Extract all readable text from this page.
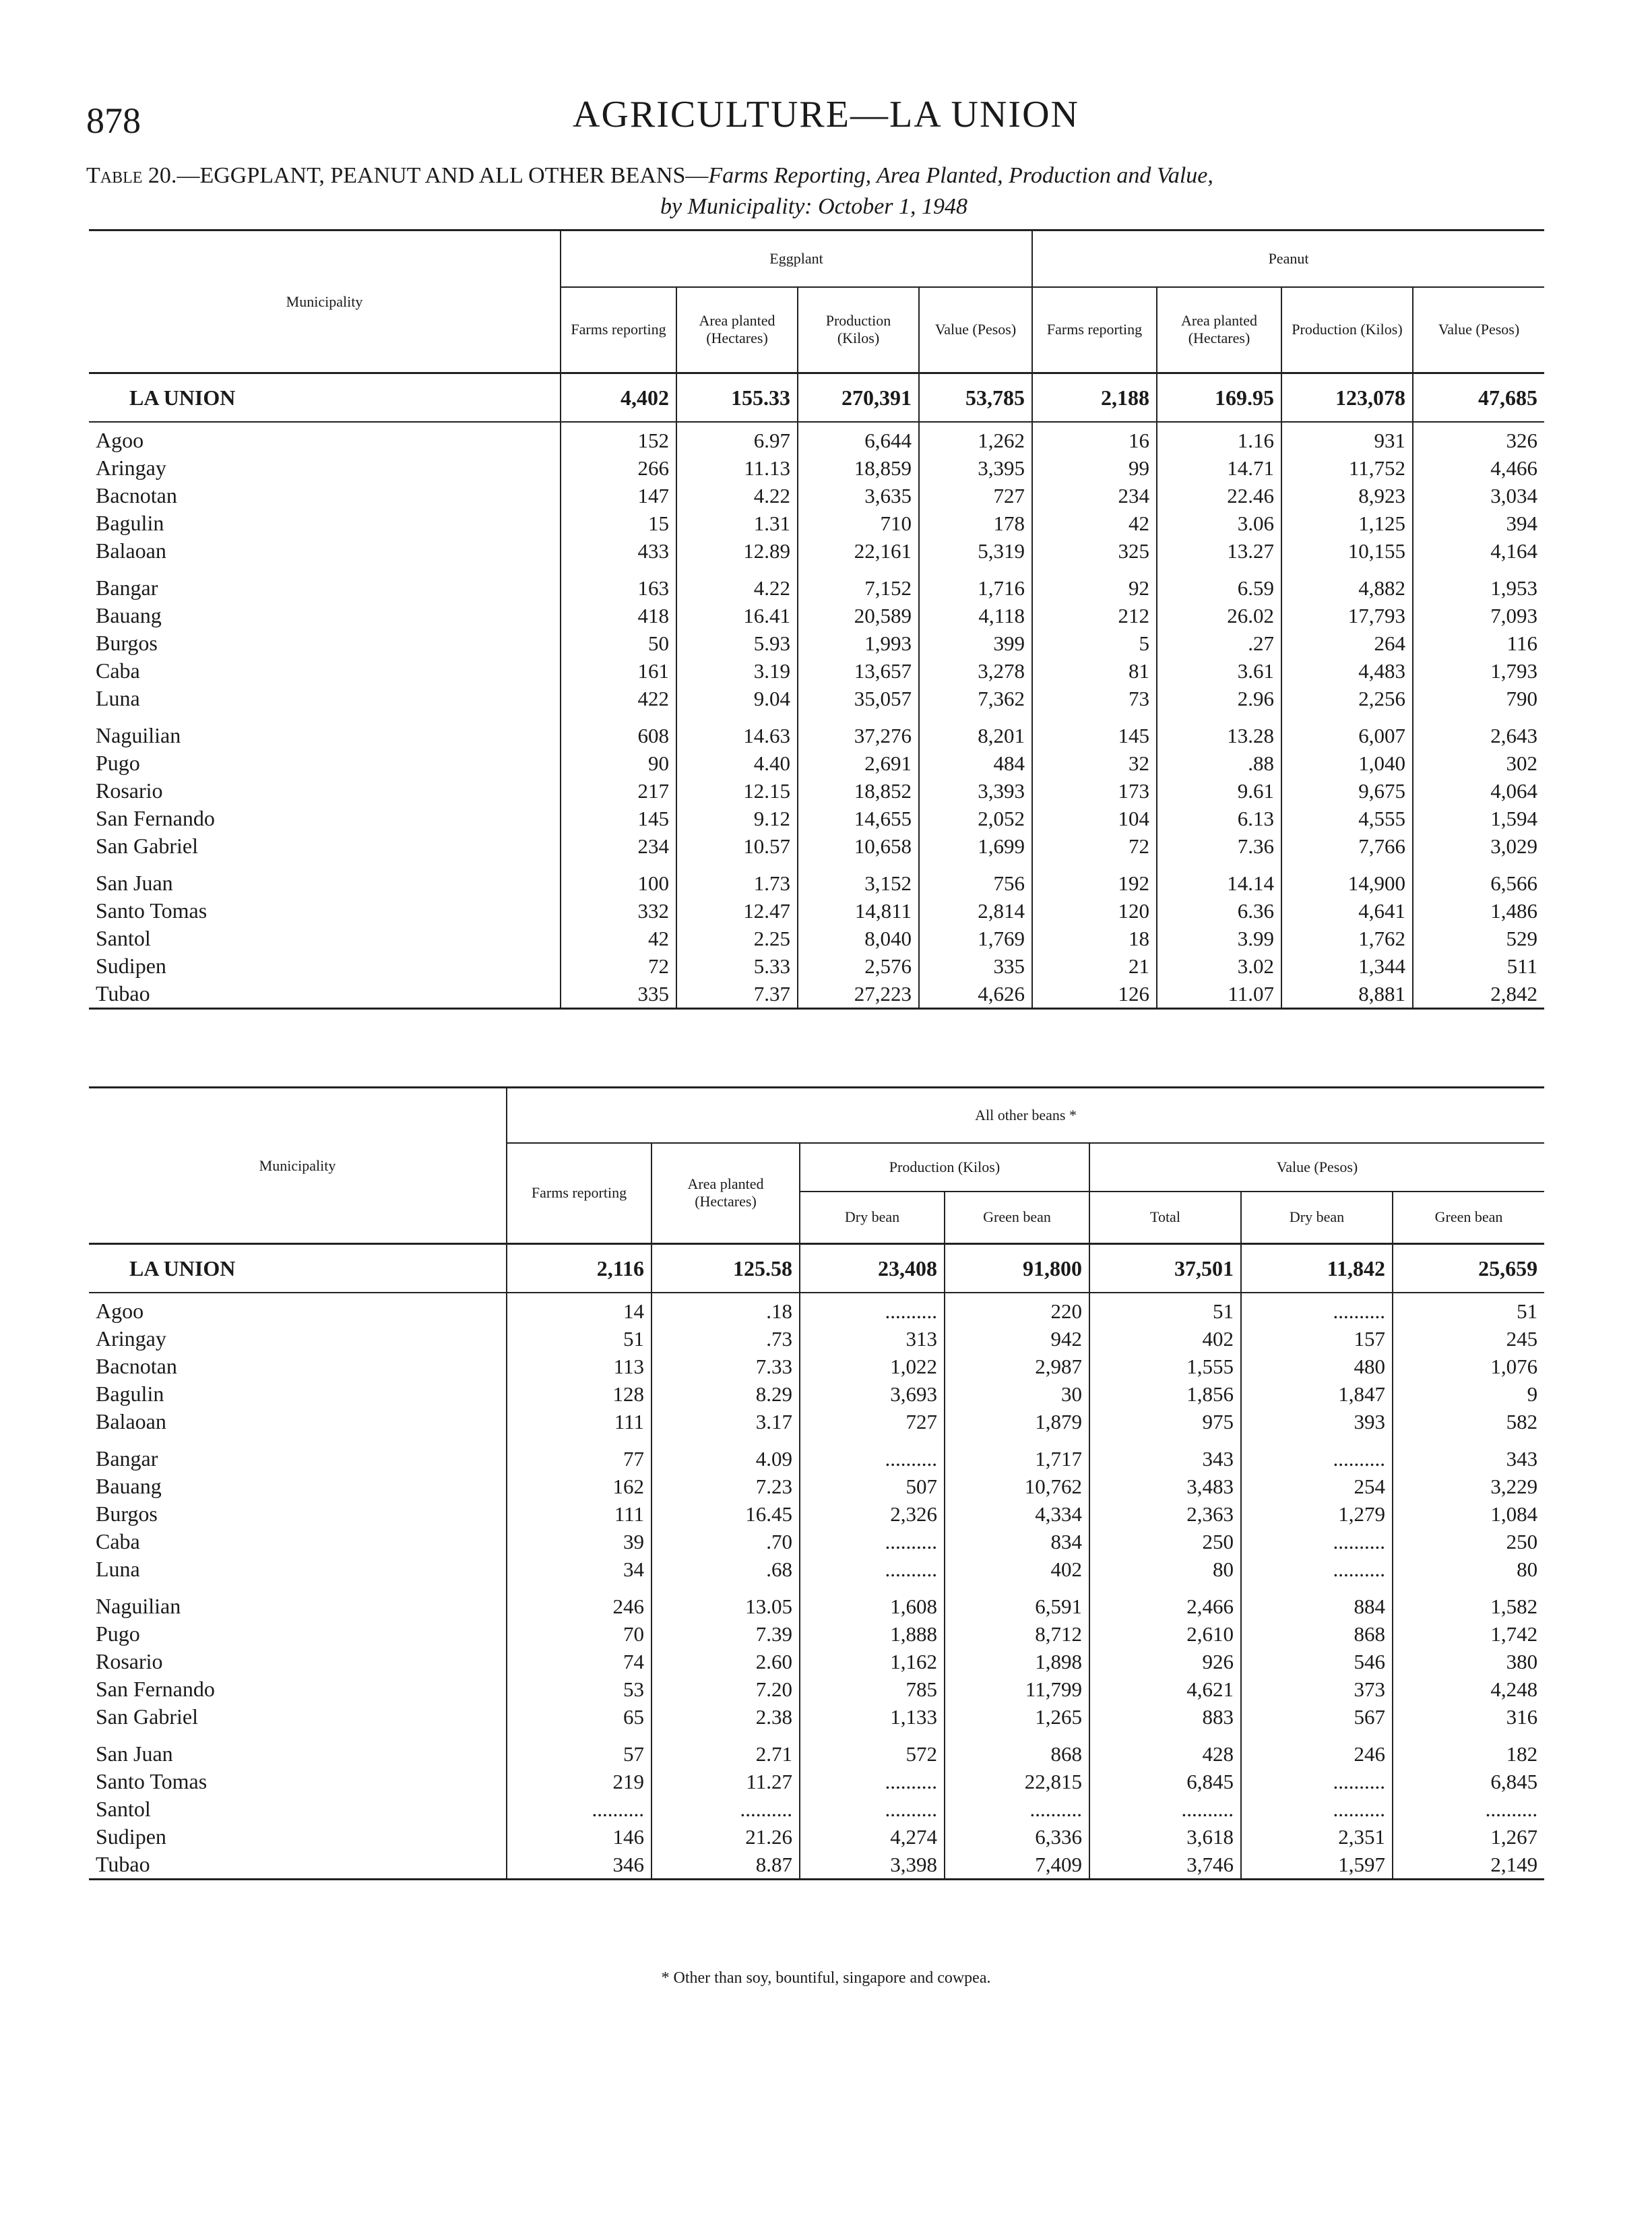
878	AGRICULTURE—LA UNION
Table 20.—EGGPLANT, PEANUT AND ALL OTHER BEANS—Farms Reporting, Area Planted, Production and Value,
by Municipality: October 1, 1948
Municipality	Eggplant				Peanut			
	Farms reporting	Area planted (Hectares)	Production (Kilos)	Value (Pesos)	Farms reporting	Area planted (Hectares)	Production (Kilos)	Value (Pesos)
LA UNION	4,402	155.33	270,391	53,785	2,188	169.95	123,078	47,685
Agoo	152	6.97	6,644	1,262	16	1.16	931	326
Aringay	266	11.13	18,859	3,395	99	14.71	11,752	4,466
Bacnotan	147	4.22	3,635	727	234	22.46	8,923	3,034
Bagulin	15	1.31	710	178	42	3.06	1,125	394
Balaoan	433	12.89	22,161	5,319	325	13.27	10,155	4,164

Bangar	163	4.22	7,152	1,716	92	6.59	4,882	1,953
Bauang	418	16.41	20,589	4,118	212	26.02	17,793	7,093
Burgos	50	5.93	1,993	399	5	.27	264	116
Caba	161	3.19	13,657	3,278	81	3.61	4,483	1,793
Luna	422	9.04	35,057	7,362	73	2.96	2,256	790

Naguilian	608	14.63	37,276	8,201	145	13.28	6,007	2,643
Pugo	90	4.40	2,691	484	32	.88	1,040	302
Rosario	217	12.15	18,852	3,393	173	9.61	9,675	4,064
San Fernando	145	9.12	14,655	2,052	104	6.13	4,555	1,594
San Gabriel	234	10.57	10,658	1,699	72	7.36	7,766	3,029

San Juan	100	1.73	3,152	756	192	14.14	14,900	6,566
Santo Tomas	332	12.47	14,811	2,814	120	6.36	4,641	1,486
Santol	42	2.25	8,040	1,769	18	3.99	1,762	529
Sudipen	72	5.33	2,576	335	21	3.02	1,344	511
Tubao	335	7.37	27,223	4,626	126	11.07	8,881	2,842
Municipality	All other beans *						
	Farms reporting	Area planted (Hectares)	Production (Kilos)		Value (Pesos)		
			Dry bean	Green bean	Total	Dry bean	Green bean
LA UNION	2,116	125.58	23,408	91,800	37,501	11,842	25,659
Agoo	14	.18	..........	220	51	..........	51
Aringay	51	.73	313	942	402	157	245
Bacnotan	113	7.33	1,022	2,987	1,555	480	1,076
Bagulin	128	8.29	3,693	30	1,856	1,847	9
Balaoan	111	3.17	727	1,879	975	393	582

Bangar	77	4.09	..........	1,717	343	..........	343
Bauang	162	7.23	507	10,762	3,483	254	3,229
Burgos	111	16.45	2,326	4,334	2,363	1,279	1,084
Caba	39	.70	..........	834	250	..........	250
Luna	34	.68	..........	402	80	..........	80

Naguilian	246	13.05	1,608	6,591	2,466	884	1,582
Pugo	70	7.39	1,888	8,712	2,610	868	1,742
Rosario	74	2.60	1,162	1,898	926	546	380
San Fernando	53	7.20	785	11,799	4,621	373	4,248
San Gabriel	65	2.38	1,133	1,265	883	567	316

San Juan	57	2.71	572	868	428	246	182
Santo Tomas	219	11.27	..........	22,815	6,845	..........	6,845
Santol	..........	..........	..........	..........	..........	..........	..........
Sudipen	146	21.26	4,274	6,336	3,618	2,351	1,267
Tubao	346	8.87	3,398	7,409	3,746	1,597	2,149
* Other than soy, bountiful, singapore and cowpea.
